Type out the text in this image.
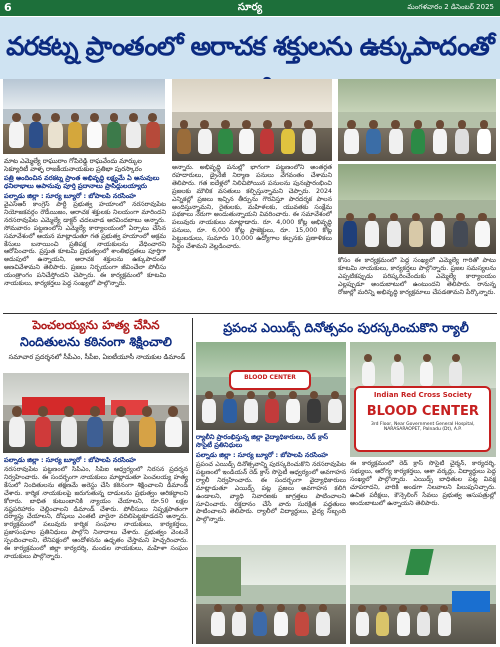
6	సూర్య	మంగళవారం 2 డిసెంబర్ 2025
వరకట్న ప్రాంతంలో అరాచక శక్తులను ఉక్కుపాదంతో
మాట ఎమ్మెల్యే రాఘురాం గోపిరెడ్డి రాఘవేందు మార్కుల సెక్యూరిటీ వాళ్ళ రాజకీయనాయకుల ప్రతిభా పురస్కారం
పత్రి అందించిన వరకట్న ప్రాంత అభివృద్ధి లక్ష్యమే ఏ అనువులు ధనిలాభాలు అపానువు పూర్తి ప్రదానాలు ప్రాసిద్ధులయ్యారు
పల్నాడు జిల్లా : సూర్య బ్యూరో : బోపాలపి నరసింహ
వైఎస్ఆర్ కాంగ్రెస్ పార్టీ ప్రభుత్వ హయాంలో నరసరావుపేట నియోజకవర్గం రౌడీయిజం, అరాచక శక్తులకు నిలయంగా మారిందని నరసరావుపేట ఎమ్మెల్యే డాక్టర్ చదలవాడ అరవిందబాబు అన్నారు. సోమవారం పట్టణంలోని ఎమ్మెల్యే కార్యాలయంలో ఏర్పాటు చేసిన సమావేశంలో ఆయన మాట్లాడుతూ గత ప్రభుత్వ హయాంలో అక్రమ కేసులు బనాయించి ప్రతిపక్ష నాయకులను వేధించారని ఆరోపించారు. ప్రస్తుత కూటమి ప్రభుత్వంలో శాంతిభద్రతలు పూర్తిగా అదుపులో ఉన్నాయని, అరాచక శక్తులను ఉక్కుపాదంతో అణచివేశామని తెలిపారు. ప్రజలు నిర్భయంగా జీవించేలా పోలీసు యంత్రాంగం పనిచేస్తోందని చెప్పారు. ఈ కార్యక్రమంలో కూటమి నాయకులు, కార్యకర్తలు పెద్ద సంఖ్యలో పాల్గొన్నారు.
అన్నారు. అభివృద్ధి పనుల్లో భాగంగా పట్టణంలోని అంతర్గత రహదారులు, డ్రైనేజీ నిర్మాణ పనులు వేగవంతం చేశామని తెలిపారు. గత ఐదేళ్లలో నిలిచిపోయిన పనులను పునఃప్రారంభించి ప్రజలకు మౌలిక వసతులు కల్పిస్తున్నామని చెప్పారు. 2024 ఎన్నికల్లో ప్రజలు ఇచ్చిన తీర్పును గౌరవిస్తూ పారదర్శక పాలన అందిస్తున్నామని, రైతులకు, మహిళలకు, యువతకు సంక్షేమ పథకాలు నేరుగా అందుతున్నాయని వివరించారు. ఈ సమావేశంలో పలువురు నాయకులు మాట్లాడారు. రూ. 4,000 కోట్ల అభివృద్ధి పనులు, రూ. 6,000 కోట్ల ప్రాజెక్టులు, రూ. 15,000 కోట్ల పెట్టుబడులు, సుమారు 10,000 ఉద్యోగాల కల్పనకు ప్రణాళికలు సిద్ధం చేశామని వెల్లడించారు.
కోసం ఈ కార్యక్రమంలో పెద్ద సంఖ్యలో ఎమ్మెల్యే గారితో పాటు కూటమి నాయకులు, కార్యకర్తలు పాల్గొన్నారు. ప్రజల సమస్యలను ఎప్పటికప్పుడు పరిష్కరించేందుకు ఎమ్మెల్యే కార్యాలయం ఎల్లప్పుడూ అందుబాటులో ఉంటుందని తెలిపారు. రానున్న రోజుల్లో మరిన్ని అభివృద్ధి కార్యక్రమాలు చేపడతామని పేర్కొన్నారు.
పెంచలయ్యను హత్య చేసిన
నిందితులను కఠినంగా శిక్షించాలి
సమాచార ప్రదర్శనలో సీపీఎం, సీపీఐ, ఏఐటీయూసీ నాయకుల డిమాండ్
పల్నాడు జిల్లా : సూర్య బ్యూరో : బోపాలపి నరసింహ
నరసరావుపేట పట్టణంలో సీపీఎం, సీపీఐ ఆధ్వర్యంలో నిరసన ప్రదర్శన నిర్వహించారు. ఈ సందర్భంగా నాయకులు మాట్లాడుతూ పెంచలయ్య హత్య కేసులో నిందితులను తక్షణమే అరెస్టు చేసి కఠినంగా శిక్షించాలని డిమాండ్ చేశారు. కార్మిక నాయకులపై జరుగుతున్న దాడులను ప్రభుత్వం అరికట్టాలని కోరారు. బాధిత కుటుంబానికి న్యాయం చేయాలని, రూ.50 లక్షల నష్టపరిహారం చెల్లించాలని డిమాండ్ చేశారు. పోలీసులు నిష్పక్షపాతంగా దర్యాప్తు చేయాలని, దోషులు ఎంతటి వారైనా వదిలిపెట్టకూడదని అన్నారు. కార్యక్రమంలో పలువురు కార్మిక సంఘాల నాయకులు, కార్యకర్తలు, ప్రజాసంఘాల ప్రతినిధులు పాల్గొని నినాదాలు చేశారు. ప్రభుత్వం వెంటనే స్పందించాలని, లేనిపక్షంలో ఆందోళనను ఉధృతం చేస్తామని హెచ్చరించారు. ఈ కార్యక్రమంలో జిల్లా కార్యదర్శి, మండల నాయకులు, మహిళా సంఘం నాయకులు పాల్గొన్నారు.
ప్రపంచ ఎయిడ్స్ దినోత్సవం పురస్కరించుకొని ర్యాలీ
BLOOD CENTER
Indian Red Cross Society
BLOOD CENTER
3rd Floor, Near Government General Hospital, NARASARAOPET, Palnadu (Dt), A.P.
ర్యాలీని ప్రారంభిస్తున్న జిల్లా వైద్యాధికారులు, రెడ్ క్రాస్ సొసైటీ ప్రతినిధులు
పల్నాడు జిల్లా : సూర్య బ్యూరో : బోపాలపి నరసింహ
ప్రపంచ ఎయిడ్స్ దినోత్సవాన్ని పురస్కరించుకొని నరసరావుపేట పట్టణంలో ఇండియన్ రెడ్ క్రాస్ సొసైటీ ఆధ్వర్యంలో అవగాహన ర్యాలీ నిర్వహించారు. ఈ సందర్భంగా వైద్యాధికారులు మాట్లాడుతూ ఎయిడ్స్ పట్ల ప్రజలు అవగాహన కలిగి ఉండాలని, వ్యాధి నివారణకు జాగ్రత్తలు పాటించాలని సూచించారు. రక్తదానం చేసే వారు సురక్షిత పద్ధతులు పాటించాలని తెలిపారు. ర్యాలీలో విద్యార్థులు, వైద్య సిబ్బంది పాల్గొన్నారు.
ఈ కార్యక్రమంలో రెడ్ క్రాస్ సొసైటీ చైర్మన్, కార్యదర్శి, సభ్యులు, ఆరోగ్య కార్యకర్తలు, ఆశా వర్కర్లు, విద్యార్థులు పెద్ద సంఖ్యలో పాల్గొన్నారు. ఎయిడ్స్ బాధితుల పట్ల వివక్ష చూపరాదని, వారికి అండగా నిలవాలని పిలుపునిచ్చారు. ఉచిత పరీక్షలు, కౌన్సెలింగ్ సేవలు ప్రభుత్వ ఆసుపత్రుల్లో అందుబాటులో ఉన్నాయని తెలిపారు.
